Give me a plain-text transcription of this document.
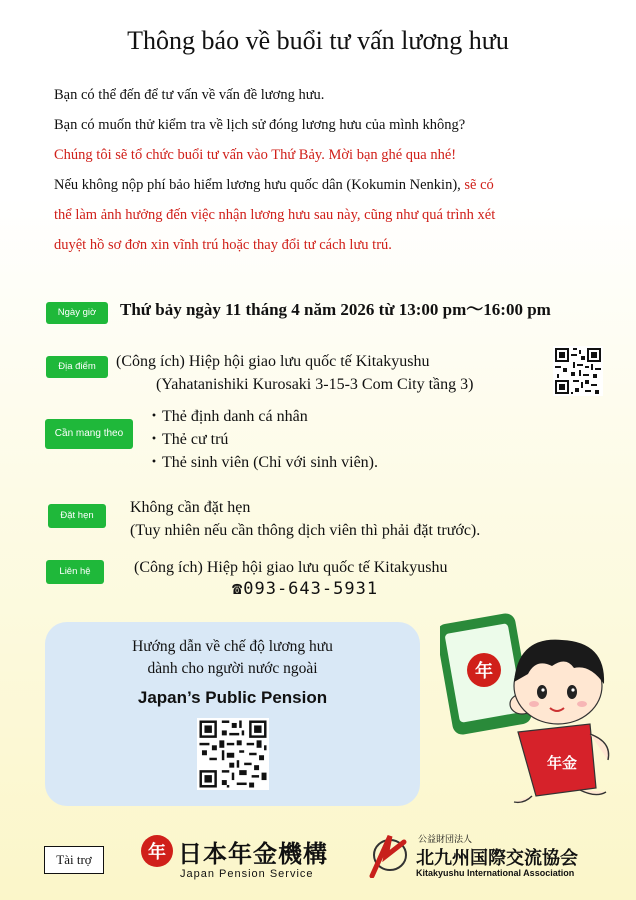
Thông báo về buổi tư vấn lương hưu

Bạn có thể đến để tư vấn về vấn đề lương hưu.

Bạn có muốn thử kiểm tra về lịch sử đóng lương hưu của mình không?

Chúng tôi sẽ tổ chức buổi tư vấn vào Thứ Bảy. Mời bạn ghé qua nhé!

Nếu không nộp phí bảo hiểm lương hưu quốc dân (Kokumin Nenkin), sẽ có

thể làm ảnh hưởng đến việc nhận lương hưu sau này, cũng như quá trình xét

duyệt hồ sơ đơn xin vĩnh trú hoặc thay đổi tư cách lưu trú.

Ngày giờ	Thứ bảy ngày 11 tháng 4 năm 2026 từ 13:00 pm～16:00 pm
Địa điểm	(Công ích) Hiệp hội giao lưu quốc tế Kitakyushu
(Yahatanishiki Kurosaki 3-15-3 Com City tầng 3)
Cần mang theo
・Thẻ định danh cá nhân
・Thẻ cư trú
・Thẻ sinh viên (Chỉ với sinh viên).
Đặt hẹn	Không cần đặt hẹn
(Tuy nhiên nếu cần thông dịch viên thì phải đặt trước).
Liên hệ	(Công ích) Hiệp hội giao lưu quốc tế Kitakyushu
☎093-643-5931
Hướng dẫn về chế độ lương hưu
dành cho người nước ngoài
Japan’s Public Pension
年
年金
Tài trợ	年 日本年金機構
Japan Pension Service
公益財団法人
北九州国際交流協会
Kitakyushu International Association
